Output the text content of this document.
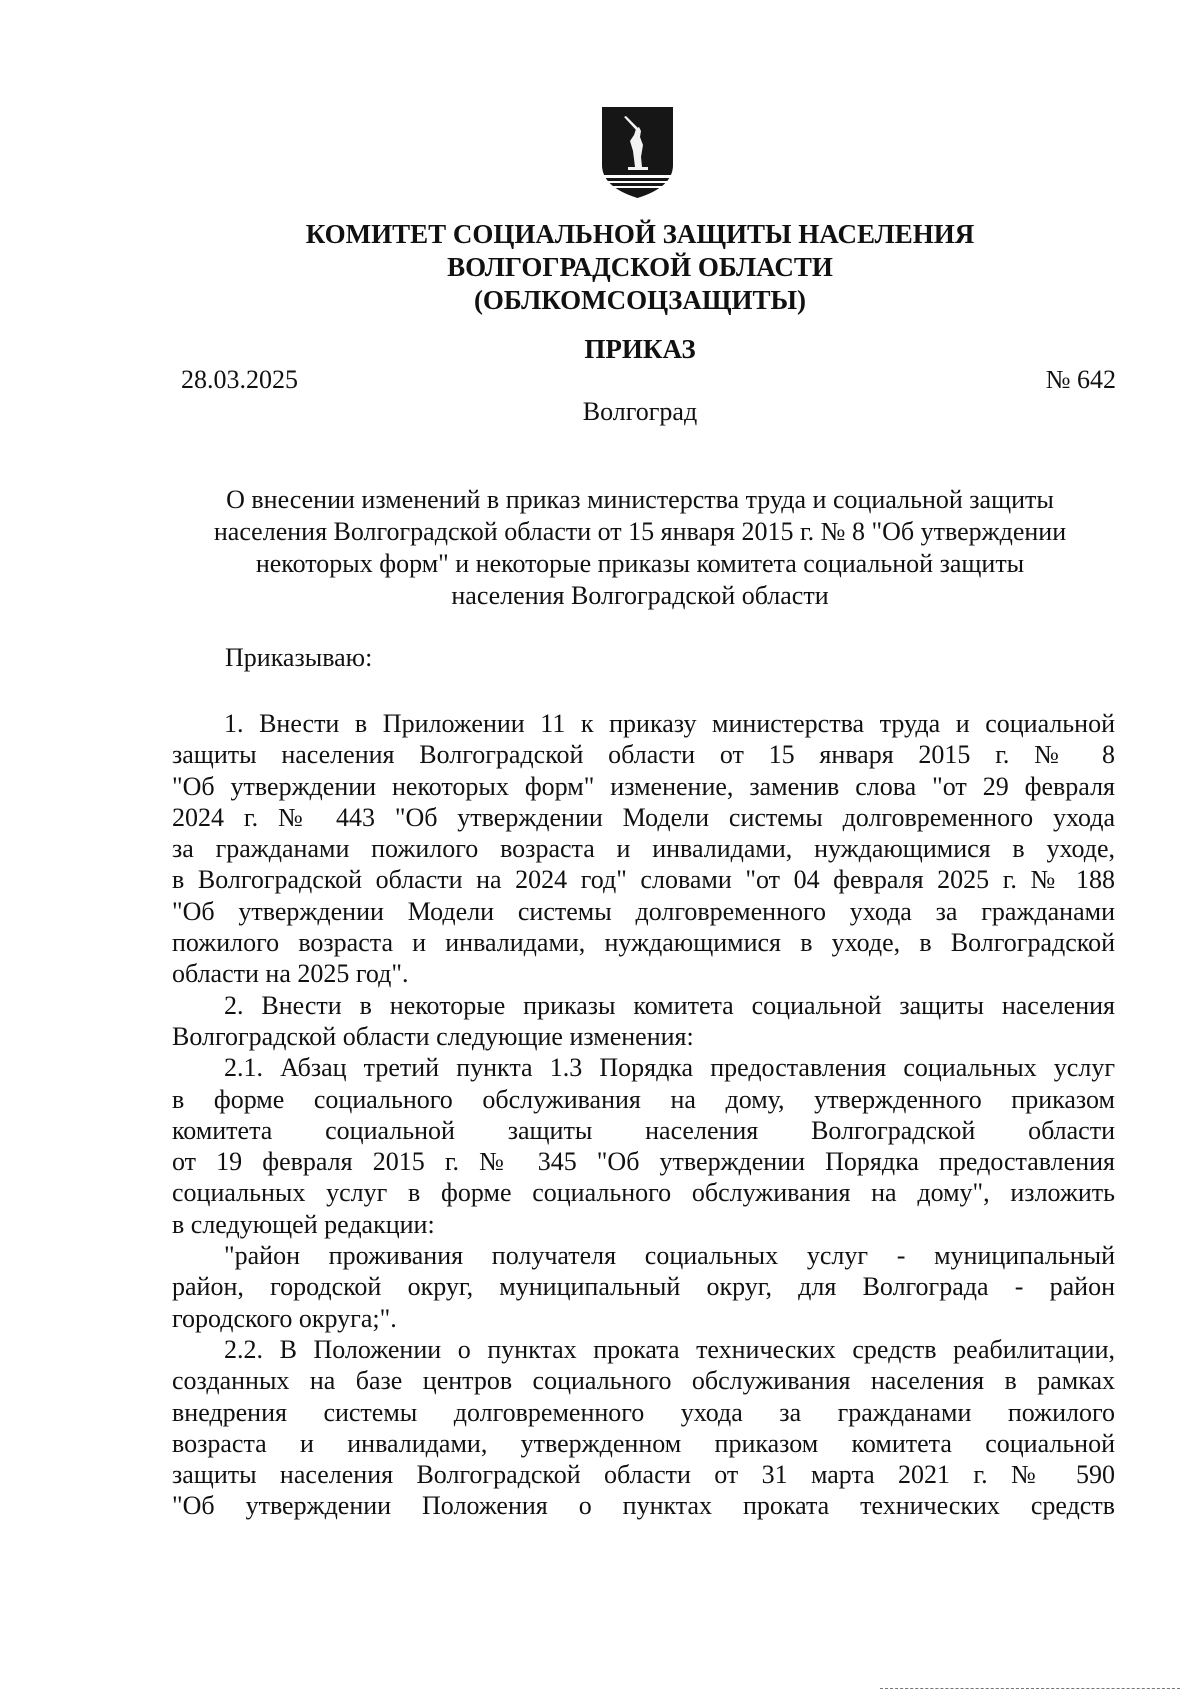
КОМИТЕТ СОЦИАЛЬНОЙ ЗАЩИТЫ НАСЕЛЕНИЯ
ВОЛГОГРАДСКОЙ ОБЛАСТИ
(ОБЛКОМСОЦЗАЩИТЫ)
ПРИКАЗ
28.03.2025	№ 642
Волгоград
О внесении изменений в приказ министерства труда и социальной защиты
населения Волгоградской области от 15 января 2015 г. № 8 "Об утверждении
некоторых форм" и некоторые приказы комитета социальной защиты
населения Волгоградской области
Приказываю:

1. Внести в Приложении 11 к приказу министерства труда и социальной
защиты населения Волгоградской области от 15 января 2015 г. № 8
"Об утверждении некоторых форм" изменение, заменив слова "от 29 февраля
2024 г. № 443 "Об утверждении Модели системы долговременного ухода
за гражданами пожилого возраста и инвалидами, нуждающимися в уходе,
в Волгоградской области на 2024 год" словами "от 04 февраля 2025 г. № 188
"Об утверждении Модели системы долговременного ухода за гражданами
пожилого возраста и инвалидами, нуждающимися в уходе, в Волгоградской
области на 2025 год".

2. Внести в некоторые приказы комитета социальной защиты населения
Волгоградской области следующие изменения:

2.1. Абзац третий пункта 1.3 Порядка предоставления социальных услуг
в форме социального обслуживания на дому, утвержденного приказом
комитета социальной защиты населения Волгоградской области
от 19 февраля 2015 г. № 345 "Об утверждении Порядка предоставления
социальных услуг в форме социального обслуживания на дому", изложить
в следующей редакции:

"район проживания получателя социальных услуг - муниципальный
район, городской округ, муниципальный округ, для Волгограда - район
городского округа;".

2.2. В Положении о пунктах проката технических средств реабилитации,
созданных на базе центров социального обслуживания населения в рамках
внедрения системы долговременного ухода за гражданами пожилого
возраста и инвалидами, утвержденном приказом комитета социальной
защиты населения Волгоградской области от 31 марта 2021 г. № 590
"Об утверждении Положения о пунктах проката технических средств
